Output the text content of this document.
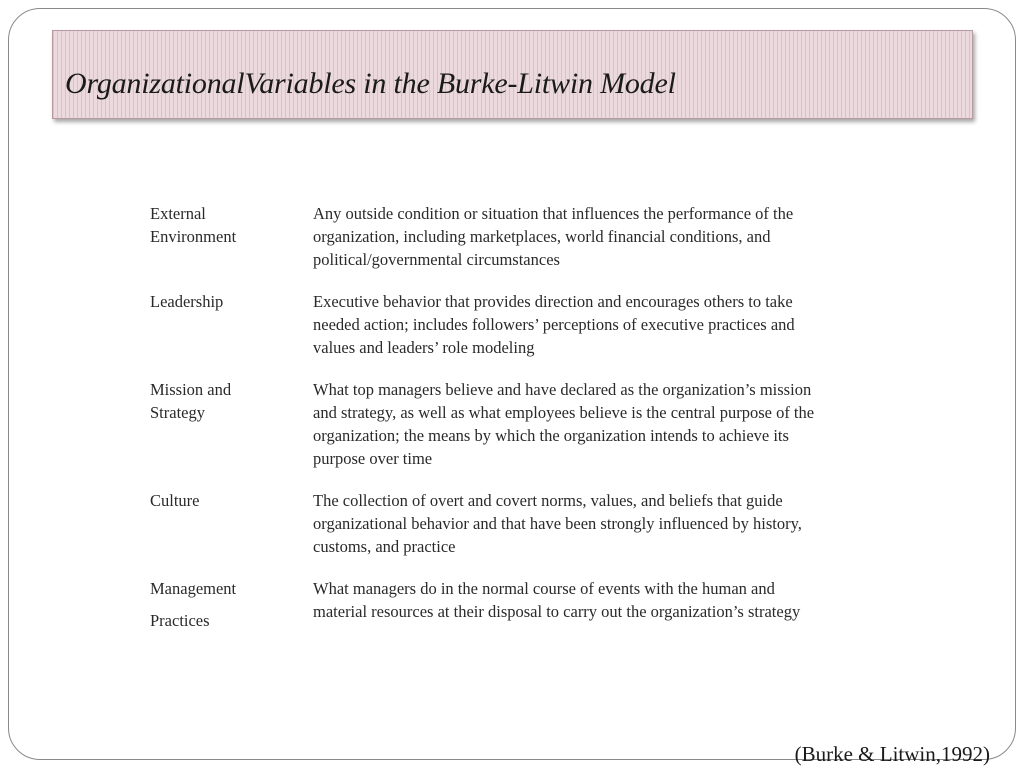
OrganizationalVariables in the Burke-Litwin Model
External
Environment
Any outside condition or situation that influences the performance of the
organization, including marketplaces, world financial conditions, and
political/governmental circumstances
Leadership	Executive behavior that provides direction and encourages others to take
needed action; includes followers’ perceptions of executive practices and
values and leaders’ role modeling
Mission and
Strategy
What top managers believe and have declared as the organization’s mission
and strategy, as well as what employees believe is the central purpose of the
organization; the means by which the organization intends to achieve its
purpose over time
Culture	The collection of overt and covert norms, values, and beliefs that guide
organizational behavior and that have been strongly influenced by history,
customs, and practice
Management
Practices
What managers do in the normal course of events with the human and
material resources at their disposal to carry out the organization’s strategy
(Burke & Litwin,1992)
